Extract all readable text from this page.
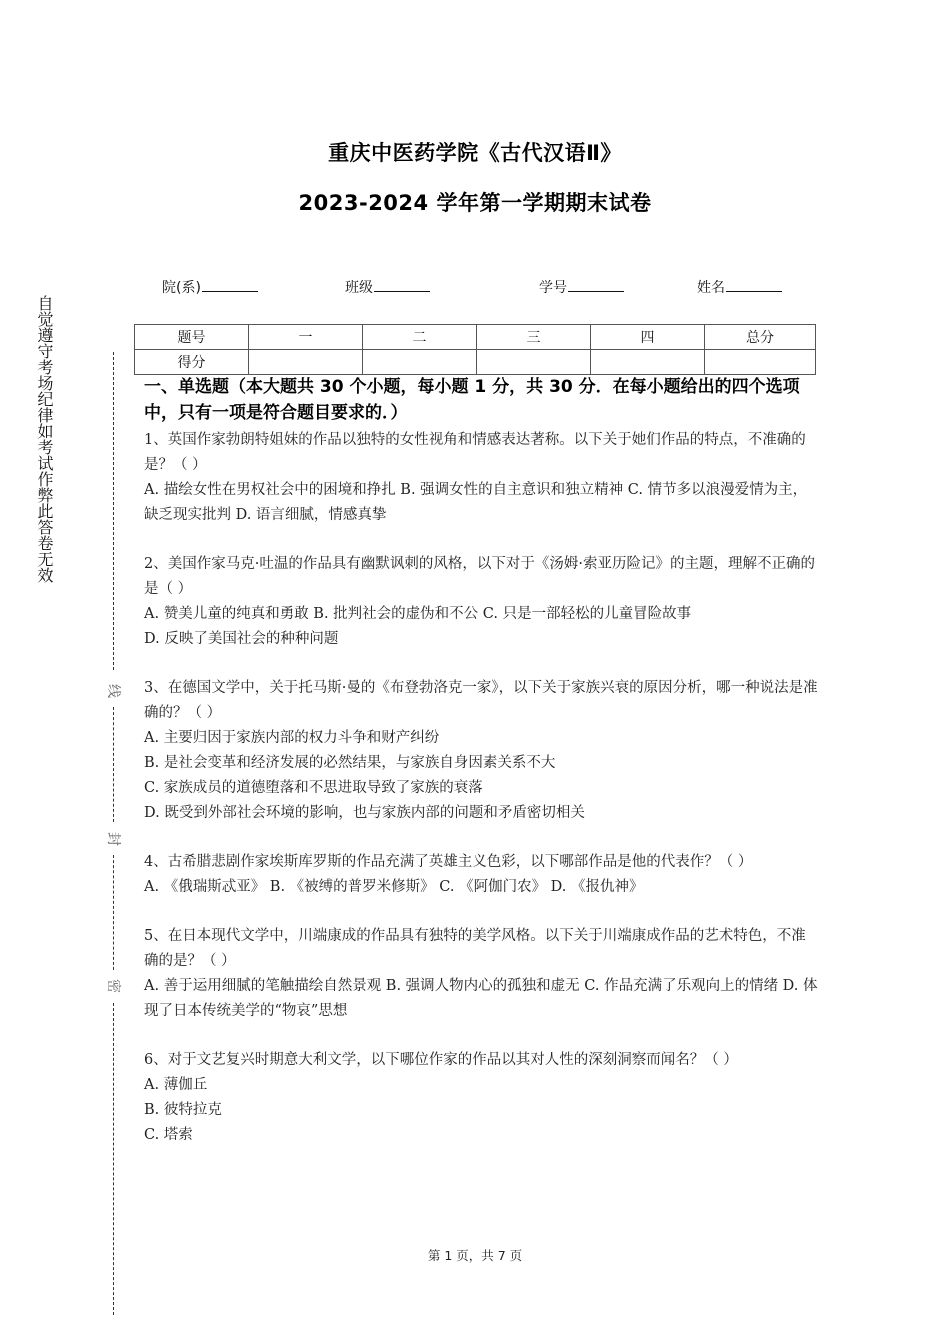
重庆中医药学院《古代汉语Ⅱ》
2023-2024 学年第一学期期末试卷
自觉遵守考场纪律如考试作弊此答卷无效
线
封
密
院(系)	班级	学号	姓名
题号	一	二	三	四	总分
得分					

一、单选题（本大题共 30 个小题，每小题 1 分，共 30 分．在每小题给出的四个选项中，只有一项是符合题目要求的．）

1、英国作家勃朗特姐妹的作品以独特的女性视角和情感表达著称。以下关于她们作品的特点，不准确的是？（ ）
A. 描绘女性在男权社会中的困境和挣扎 B. 强调女性的自主意识和独立精神 C. 情节多以浪漫爱情为主，缺乏现实批判 D. 语言细腻，情感真挚
2、美国作家马克·吐温的作品具有幽默讽刺的风格，以下对于《汤姆·索亚历险记》的主题，理解不正确的是（ ）
A. 赞美儿童的纯真和勇敢 B. 批判社会的虚伪和不公 C. 只是一部轻松的儿童冒险故事
D. 反映了美国社会的种种问题
3、在德国文学中，关于托马斯·曼的《布登勃洛克一家》，以下关于家族兴衰的原因分析，哪一种说法是准确的？（ ）
A. 主要归因于家族内部的权力斗争和财产纠纷
B. 是社会变革和经济发展的必然结果，与家族自身因素关系不大
C. 家族成员的道德堕落和不思进取导致了家族的衰落
D. 既受到外部社会环境的影响，也与家族内部的问题和矛盾密切相关
4、古希腊悲剧作家埃斯库罗斯的作品充满了英雄主义色彩，以下哪部作品是他的代表作？（ ）
A. 《俄瑞斯忒亚》 B. 《被缚的普罗米修斯》 C. 《阿伽门农》 D. 《报仇神》
5、在日本现代文学中，川端康成的作品具有独特的美学风格。以下关于川端康成作品的艺术特色，不准确的是？（ ）
A. 善于运用细腻的笔触描绘自然景观 B. 强调人物内心的孤独和虚无 C. 作品充满了乐观向上的情绪 D. 体现了日本传统美学的“物哀”思想
6、对于文艺复兴时期意大利文学，以下哪位作家的作品以其对人性的深刻洞察而闻名？（ ）
A. 薄伽丘
B. 彼特拉克
C. 塔索
第 1 页，共 7 页
